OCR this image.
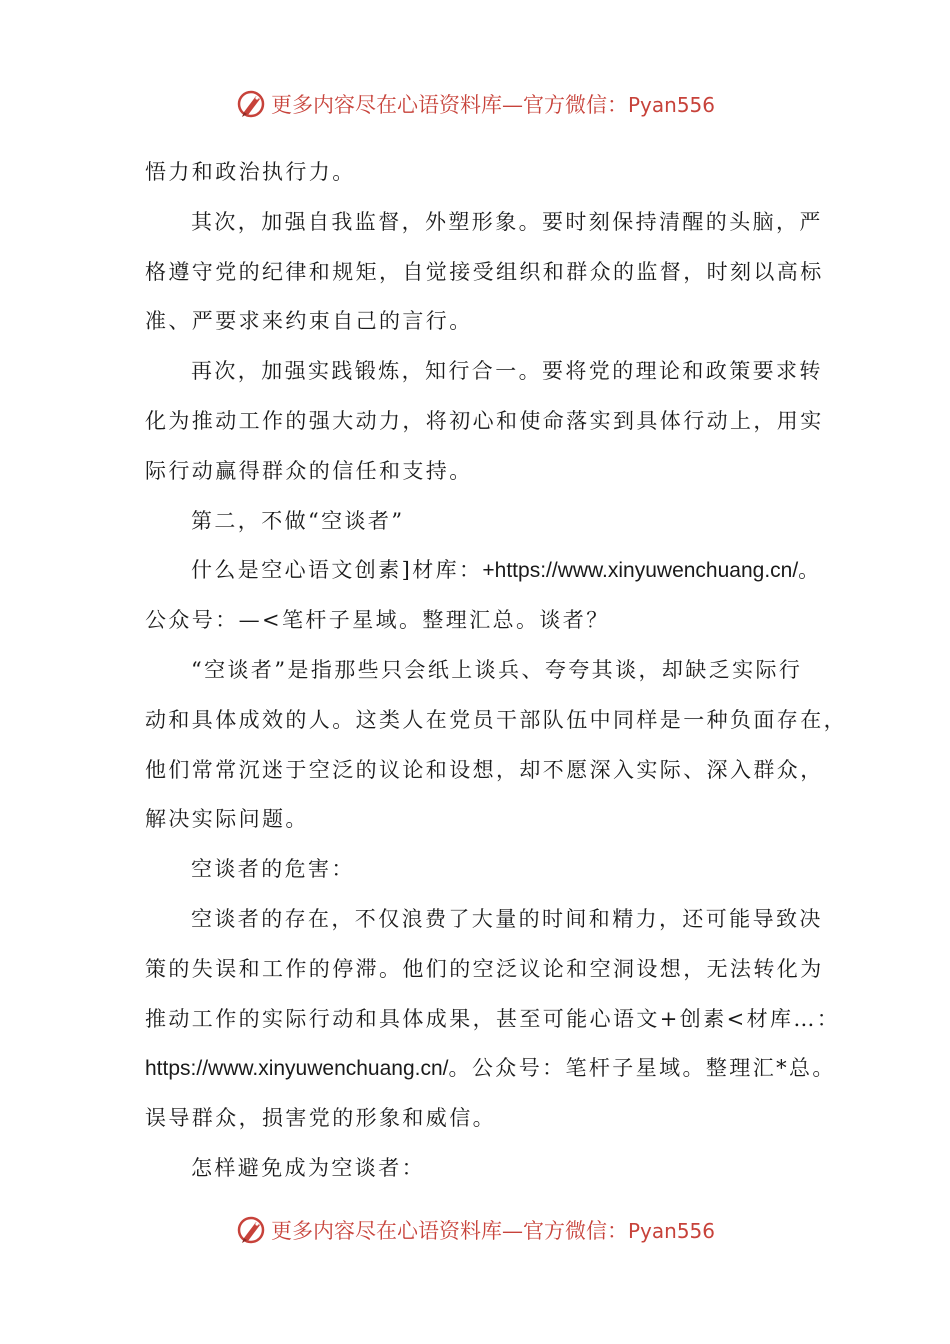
更多内容尽在心语资料库—官方微信：Pyan556
悟力和政治执行力。
其次，加强自我监督，外塑形象。要时刻保持清醒的头脑，严
格遵守党的纪律和规矩，自觉接受组织和群众的监督，时刻以高标
准、严要求来约束自己的言行。
再次，加强实践锻炼，知行合一。要将党的理论和政策要求转
化为推动工作的强大动力，将初心和使命落实到具体行动上，用实
际行动赢得群众的信任和支持。
第二，不做“空谈者”
什么是空心语文创素]材库：+https://www.xinyuwenchuang.cn/。
公众号：—<笔杆子星域。整理汇总。谈者？
“空谈者”是指那些只会纸上谈兵、夸夸其谈，却缺乏实际行
动和具体成效的人。这类人在党员干部队伍中同样是一种负面存在，
他们常常沉迷于空泛的议论和设想，却不愿深入实际、深入群众，
解决实际问题。
空谈者的危害：
空谈者的存在，不仅浪费了大量的时间和精力，还可能导致决
策的失误和工作的停滞。他们的空泛议论和空洞设想，无法转化为
推动工作的实际行动和具体成果，甚至可能心语文+创素<材库…：
https://www.xinyuwenchuang.cn/。公众号：笔杆子星域。整理汇*总。
误导群众，损害党的形象和威信。
怎样避免成为空谈者：
更多内容尽在心语资料库—官方微信：Pyan556
